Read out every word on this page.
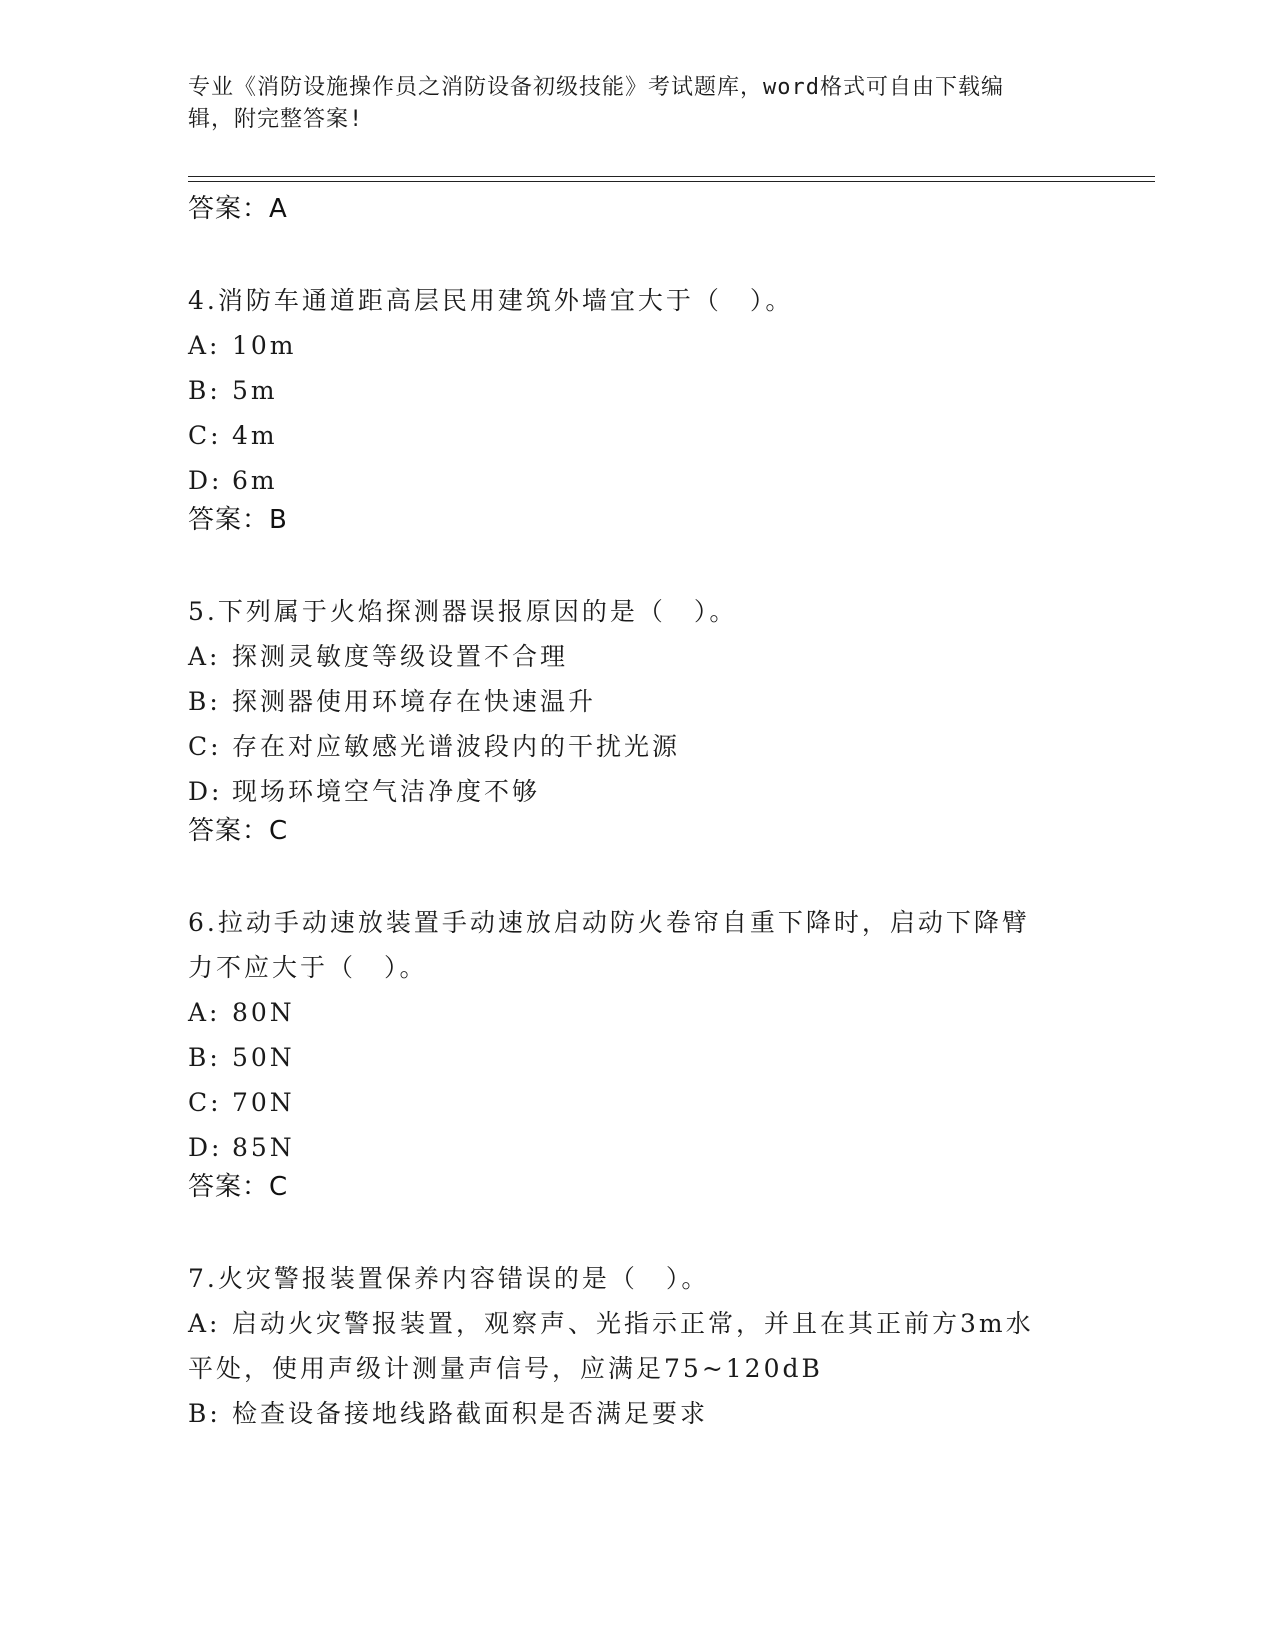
专业《消防设施操作员之消防设备初级技能》考试题库，word格式可自由下载编
辑，附完整答案!
答案：A
4.消防车通道距高层民用建筑外墙宜大于（　）。
A: 10m
B: 5m
C: 4m
D: 6m
答案：B
5.下列属于火焰探测器误报原因的是（　）。
A: 探测灵敏度等级设置不合理
B: 探测器使用环境存在快速温升
C: 存在对应敏感光谱波段内的干扰光源
D: 现场环境空气洁净度不够
答案：C
6.拉动手动速放装置手动速放启动防火卷帘自重下降时，启动下降臂
力不应大于（　）。
A: 80N
B: 50N
C: 70N
D: 85N
答案：C
7.火灾警报装置保养内容错误的是（　）。
A: 启动火灾警报装置，观察声、光指示正常，并且在其正前方3m水
平处，使用声级计测量声信号，应满足75~120dB
B: 检查设备接地线路截面积是否满足要求
